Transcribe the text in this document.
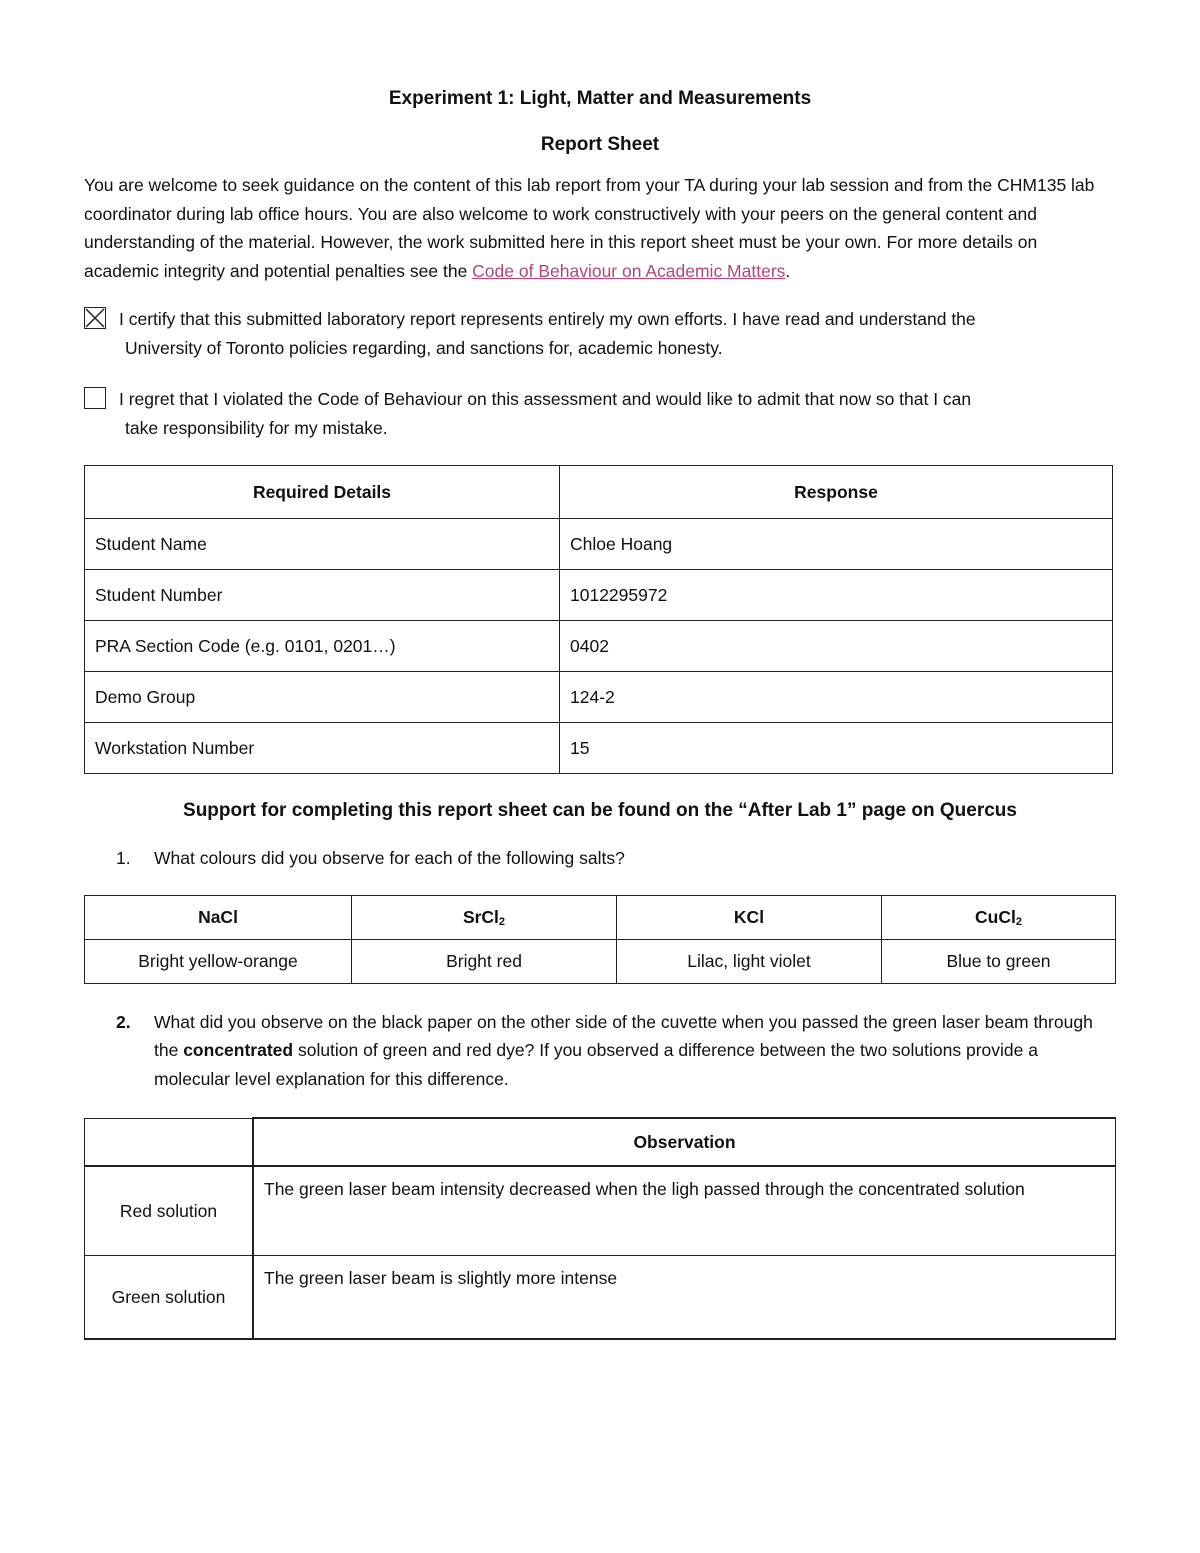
Experiment 1: Light, Matter and Measurements
Report Sheet
You are welcome to seek guidance on the content of this lab report from your TA during your lab session and from the CHM135 lab coordinator during lab office hours. You are also welcome to work constructively with your peers on the general content and understanding of the material. However, the work submitted here in this report sheet must be your own. For more details on academic integrity and potential penalties see the Code of Behaviour on Academic Matters.
I certify that this submitted laboratory report represents entirely my own efforts. I have read and understand the
University of Toronto policies regarding, and sanctions for, academic honesty.
I regret that I violated the Code of Behaviour on this assessment and would like to admit that now so that I can
take responsibility for my mistake.
Required Details	Response
Student Name	Chloe Hoang
Student Number	1012295972
PRA Section Code (e.g. 0101, 0201…)	0402
Demo Group	124-2
Workstation Number	15
Support for completing this report sheet can be found on the “After Lab 1” page on Quercus
1. What colours did you observe for each of the following salts?
NaCl	SrCl$_2$	KCl	CuCl$_2$
Bright yellow-orange	Bright red	Lilac, light violet	Blue to green
2. What did you observe on the black paper on the other side of the cuvette when you passed the green laser beam through the concentrated solution of green and red dye? If you observed a difference between the two solutions provide a molecular level explanation for this difference.
	Observation
Red solution	The green laser beam intensity decreased when the ligh passed through the concentrated solution
Green solution	The green laser beam is slightly more intense
